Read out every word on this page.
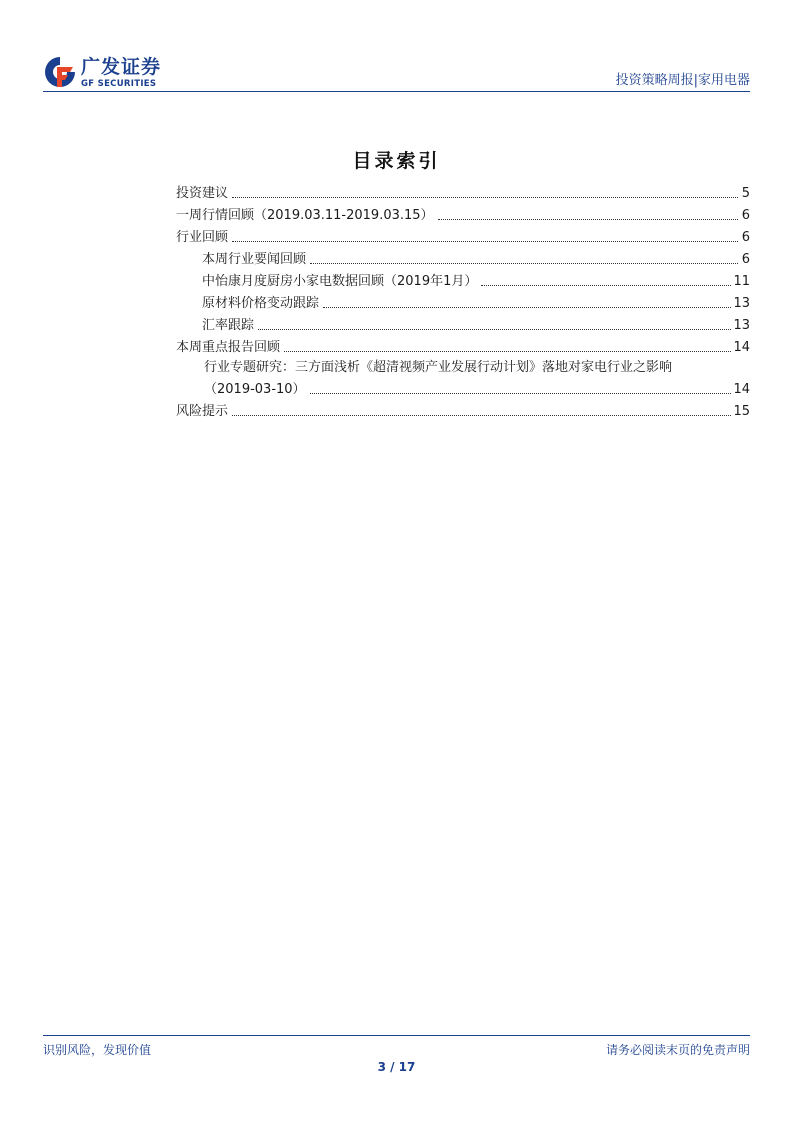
广发证券
GF SECURITIES	投资策略周报|家用电器
目录索引
投资建议	5
一周行情回顾（2019.03.11-2019.03.15）	6
行业回顾	6
本周行业要闻回顾	6
中怡康月度厨房小家电数据回顾（2019年1月）	11
原材料价格变动跟踪	13
汇率跟踪	13
本周重点报告回顾	14
行业专题研究：三方面浅析《超清视频产业发展行动计划》落地对家电行业之影响
（2019-03-10）	14
风险提示	15
识别风险，发现价值	请务必阅读末页的免责声明
3 / 17
